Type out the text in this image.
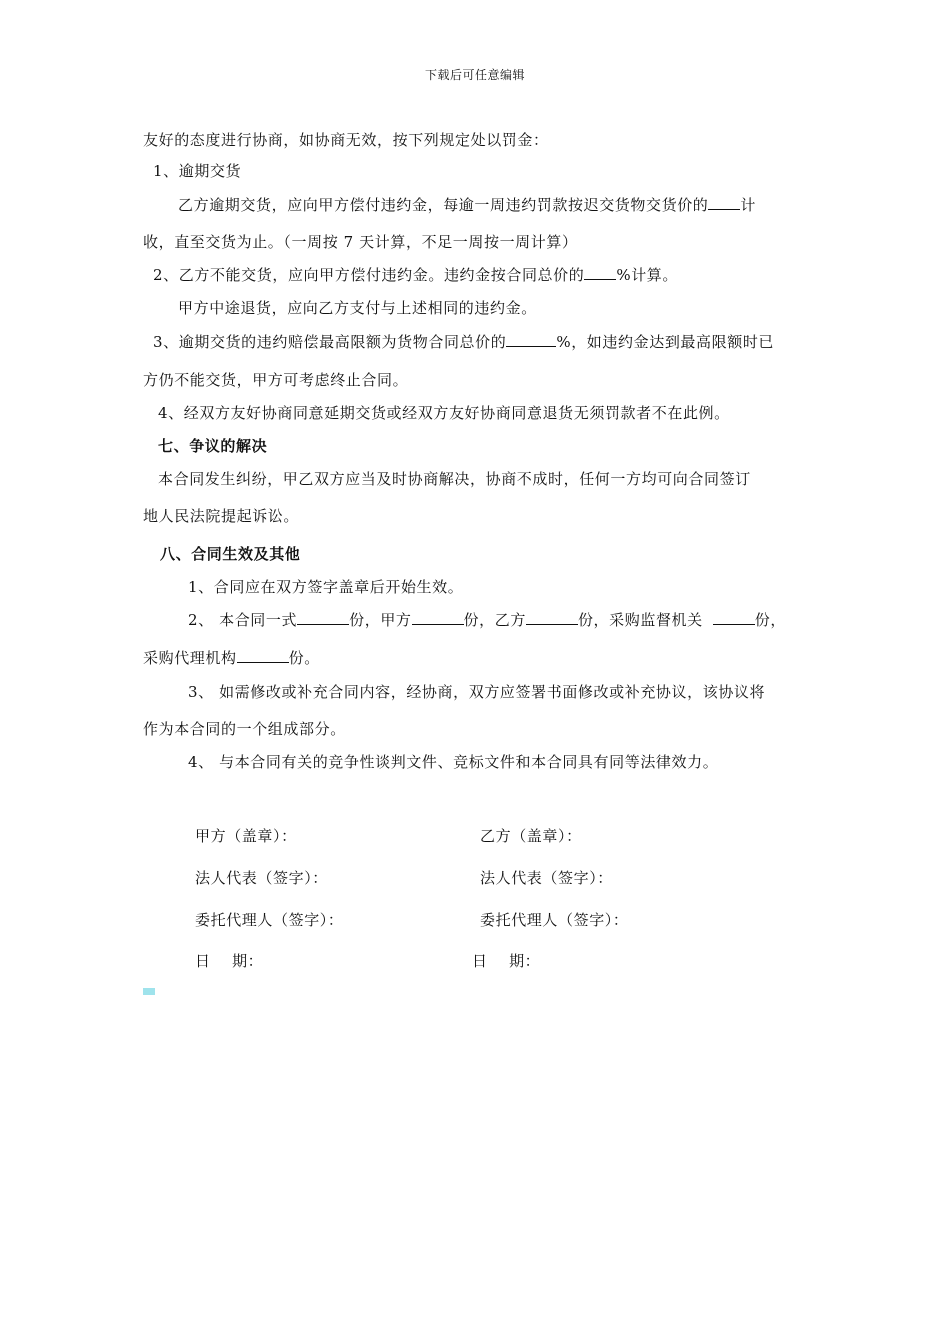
下载后可任意编辑
友好的态度进行协商，如协商无效，按下列规定处以罚金：
1、逾期交货
乙方逾期交货，应向甲方偿付违约金，每逾一周违约罚款按迟交货物交货价的 计
收，直至交货为止。（一周按 7 天计算，不足一周按一周计算）
2、乙方不能交货，应向甲方偿付违约金。违约金按合同总价的 %计算。
甲方中途退货，应向乙方支付与上述相同的违约金。
3、逾期交货的违约赔偿最高限额为货物合同总价的	%，如违约金达到最高限额时已
方仍不能交货，甲方可考虑终止合同。
4、经双方友好协商同意延期交货或经双方友好协商同意退货无须罚款者不在此例。
七、争议的解决
本合同发生纠纷，甲乙双方应当及时协商解决，协商不成时，任何一方均可向合同签订
地人民法院提起诉讼。
八、合同生效及其他
1、合同应在双方签字盖章后开始生效。
2、 本合同一式	份，甲方	份，乙方	份，采购监督机关	份，
采购代理机构	份。
3、 如需修改或补充合同内容，经协商，双方应签署书面修改或补充协议，该协议将
作为本合同的一个组成部分。
4、 与本合同有关的竞争性谈判文件、竞标文件和本合同具有同等法律效力。
甲方（盖章）：	乙方（盖章）：
法人代表（签字）：	法人代表（签字）：
委托代理人（签字）：	委托代理人（签字）：
日    期：	日    期：
